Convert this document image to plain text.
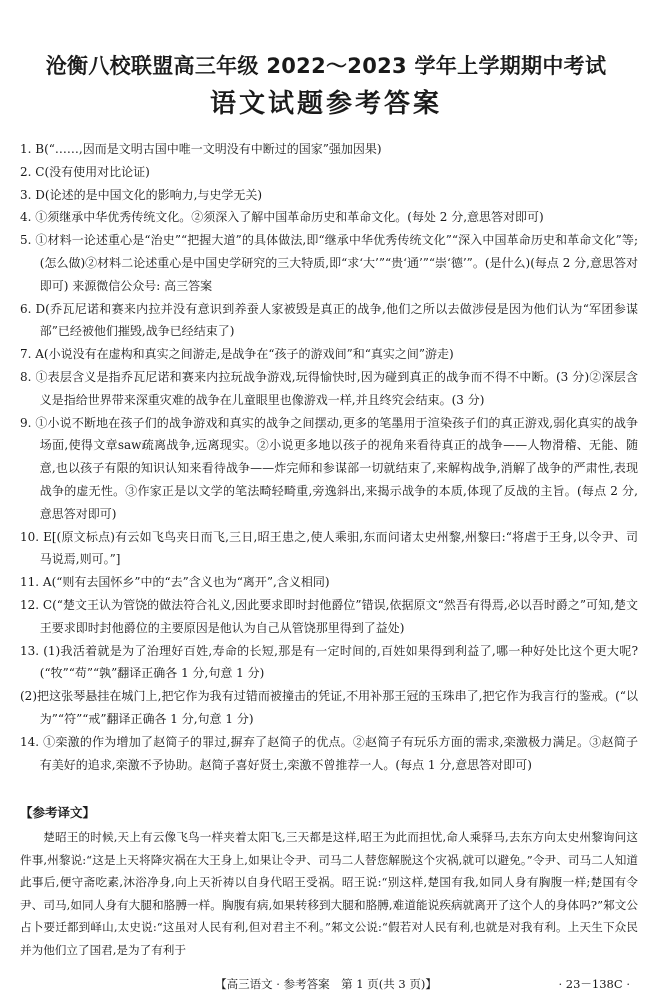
沧衡八校联盟高三年级 2022～2023 学年上学期期中考试
语文试题参考答案

1. B(“……,因而是文明古国中唯一文明没有中断过的国家”强加因果)

2. C(没有使用对比论证)

3. D(论述的是中国文化的影响力,与史学无关)

4. ①须继承中华优秀传统文化。②须深入了解中国革命历史和革命文化。(每处 2 分,意思答对即可)

5. ①材料一论述重心是“治史”“把握大道”的具体做法,即“继承中华优秀传统文化”“深入中国革命历史和革命文化”等;(怎么做)②材料二论述重心是中国史学研究的三大特质,即“求‘大’”“贵‘通’”“崇‘德’”。(是什么)(每点 2 分,意思答对即可) 来源微信公众号: 高三答案

6. D(乔瓦尼诺和赛来内拉并没有意识到养蚕人家被毁是真正的战争,他们之所以去做涉侵是因为他们认为“军团参谋部”已经被他们摧毁,战争已经结束了)

7. A(小说没有在虚构和真实之间游走,是战争在“孩子的游戏间”和“真实之间”游走)

8. ①表层含义是指乔瓦尼诺和赛来内拉玩战争游戏,玩得愉快时,因为碰到真正的战争而不得不中断。(3 分)②深层含义是指给世界带来深重灾难的战争在儿童眼里也像游戏一样,并且终究会结束。(3 分)

9. ①小说不断地在孩子们的战争游戏和真实的战争之间摆动,更多的笔墨用于渲染孩子们的真正游戏,弱化真实的战争场面,使得文章saw疏离战争,远离现实。②小说更多地以孩子的视角来看待真正的战争——人物滑稽、无能、随意,也以孩子有限的知识认知来看待战争——炸完师和参谋部一切就结束了,来解构战争,消解了战争的严肃性,表现战争的虚无性。③作家正是以文学的笔法畸轻畸重,旁逸斜出,来揭示战争的本质,体现了反战的主旨。(每点 2 分,意思答对即可)

10. E[(原文标点)有云如飞鸟夹日而飞,三日,昭王患之,使人乘驲,东而问诸太史州黎,州黎曰:“将虐于王身,以令尹、司马说焉,则可。”]

11. A(“则有去国怀乡”中的“去”含义也为“离开”,含义相同)

12. C(“楚文王认为管饶的做法符合礼义,因此要求即时封他爵位”错误,依据原文“然吾有得焉,必以吾时爵之”可知,楚文王要求即时封他爵位的主要原因是他认为自己从管饶那里得到了益处)

13. (1)我活着就是为了治理好百姓,寿命的长短,那是有一定时间的,百姓如果得到利益了,哪一种好处比这个更大呢?(“牧”“苟”“孰”翻译正确各 1 分,句意 1 分)

(2)把这张琴悬挂在城门上,把它作为我有过错而被撞击的凭证,不用补那王冠的玉珠串了,把它作为我言行的鉴戒。(“以为”“符”“戒”翻译正确各 1 分,句意 1 分)

14. ①栾激的作为增加了赵简子的罪过,摒弃了赵简子的优点。②赵简子有玩乐方面的需求,栾激极力满足。③赵简子有美好的追求,栾激不予协助。赵简子喜好贤士,栾激不曾推荐一人。(每点 1 分,意思答对即可)

【参考译文】

楚昭王的时候,天上有云像飞鸟一样夹着太阳飞,三天都是这样,昭王为此而担忧,命人乘驿马,去东方向太史州黎询问这件事,州黎说:“这是上天将降灾祸在大王身上,如果让令尹、司马二人替您解脱这个灾祸,就可以避免。”令尹、司马二人知道此事后,便守斋吃素,沐浴净身,向上天祈祷以自身代昭王受祸。昭王说:“别这样,楚国有我,如同人身有胸腹一样;楚国有令尹、司马,如同人身有大腿和胳膊一样。胸腹有病,如果转移到大腿和胳膊,难道能说疾病就离开了这个人的身体吗?”邾文公占卜要迁都到峄山,太史说:“这虽对人民有利,但对君主不利。”邾文公说:“假若对人民有利,也就是对我有利。上天生下众民并为他们立了国君,是为了有利于

【高三语文 · 参考答案　第 1 页(共 3 页)】	· 23－138C ·
